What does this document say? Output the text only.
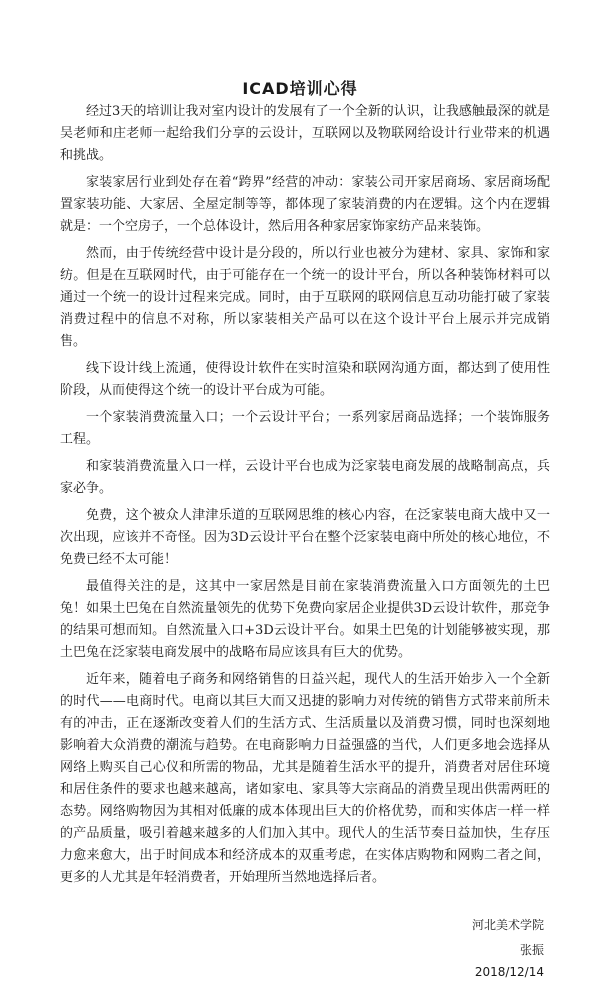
ICAD培训心得

经过3天的培训让我对室内设计的发展有了一个全新的认识，让我感触最深的就是吴老师和庄老师一起给我们分享的云设计，互联网以及物联网给设计行业带来的机遇和挑战。

家装家居行业到处存在着“跨界”经营的冲动：家装公司开家居商场、家居商场配置家装功能、大家居、全屋定制等等，都体现了家装消费的内在逻辑。这个内在逻辑就是：一个空房子，一个总体设计，然后用各种家居家饰家纺产品来装饰。

然而，由于传统经营中设计是分段的，所以行业也被分为建材、家具、家饰和家纺。但是在互联网时代，由于可能存在一个统一的设计平台，所以各种装饰材料可以通过一个统一的设计过程来完成。同时，由于互联网的联网信息互动功能打破了家装消费过程中的信息不对称，所以家装相关产品可以在这个设计平台上展示并完成销售。

线下设计线上流通，使得设计软件在实时渲染和联网沟通方面，都达到了使用性阶段，从而使得这个统一的设计平台成为可能。

一个家装消费流量入口；一个云设计平台；一系列家居商品选择；一个装饰服务工程。

和家装消费流量入口一样，云设计平台也成为泛家装电商发展的战略制高点，兵家必争。

免费，这个被众人津津乐道的互联网思维的核心内容，在泛家装电商大战中又一次出现，应该并不奇怪。因为3D云设计平台在整个泛家装电商中所处的核心地位，不免费已经不太可能！

最值得关注的是，这其中一家居然是目前在家装消费流量入口方面领先的土巴兔！如果土巴兔在自然流量领先的优势下免费向家居企业提供3D云设计软件，那竞争的结果可想而知。自然流量入口+3D云设计平台。如果土巴兔的计划能够被实现，那土巴兔在泛家装电商发展中的战略布局应该具有巨大的优势。

近年来，随着电子商务和网络销售的日益兴起，现代人的生活开始步入一个全新的时代——电商时代。电商以其巨大而又迅捷的影响力对传统的销售方式带来前所未有的冲击，正在逐渐改变着人们的生活方式、生活质量以及消费习惯，同时也深刻地影响着大众消费的潮流与趋势。在电商影响力日益强盛的当代，人们更多地会选择从网络上购买自己心仪和所需的物品，尤其是随着生活水平的提升，消费者对居住环境和居住条件的要求也越来越高，诸如家电、家具等大宗商品的消费呈现出供需两旺的态势。网络购物因为其相对低廉的成本体现出巨大的价格优势，而和实体店一样一样的产品质量，吸引着越来越多的人们加入其中。现代人的生活节奏日益加快，生存压力愈来愈大，出于时间成本和经济成本的双重考虑，在实体店购物和网购二者之间，更多的人尤其是年轻消费者，开始理所当然地选择后者。

河北美术学院
张振
2018/12/14
